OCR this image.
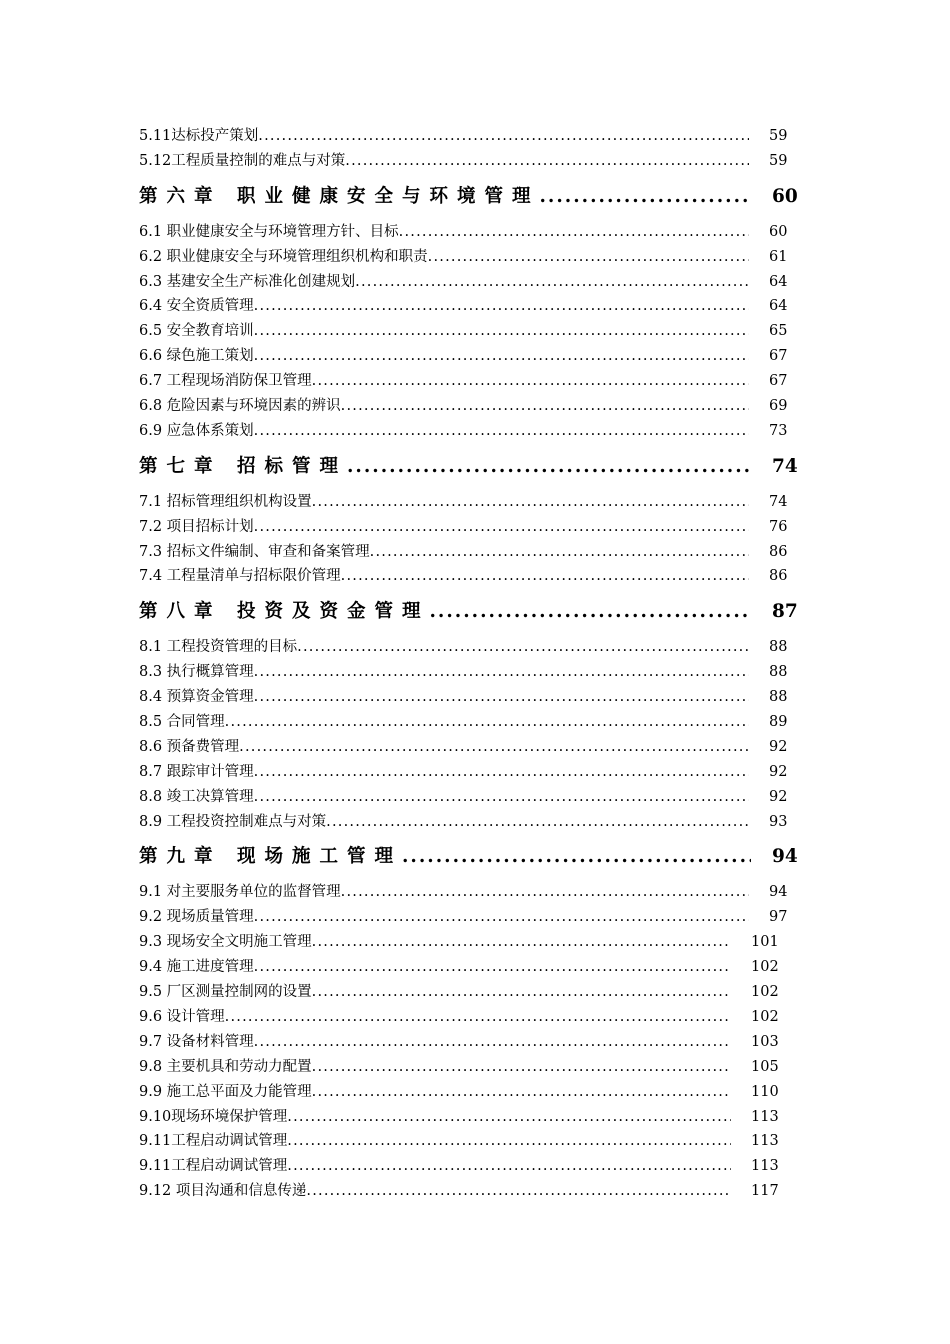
5.11达标投产策划 .....	59
5.12工程质量控制的难点与对策 .....	59
第六章 职业健康安全与环境管理 .....	60
6.1 职业健康安全与环境管理方针、目标 .....	60
6.2 职业健康安全与环境管理组织机构和职责 .....	61
6.3 基建安全生产标准化创建规划 .....	64
6.4 安全资质管理 .....	64
6.5 安全教育培训 .....	65
6.6 绿色施工策划 .....	67
6.7 工程现场消防保卫管理 .....	67
6.8 危险因素与环境因素的辨识 .....	69
6.9 应急体系策划 .....	73
第七章 招标管理 .....	74
7.1 招标管理组织机构设置 .....	74
7.2 项目招标计划 .....	76
7.3 招标文件编制、审查和备案管理 .....	86
7.4 工程量清单与招标限价管理 .....	86
第八章 投资及资金管理 .....	87
8.1 工程投资管理的目标 .....	88
8.3 执行概算管理 .....	88
8.4 预算资金管理 .....	88
8.5 合同管理 .....	89
8.6 预备费管理 .....	92
8.7 跟踪审计管理 .....	92
8.8 竣工决算管理 .....	92
8.9 工程投资控制难点与对策 .....	93
第九章 现场施工管理 .....	94
9.1 对主要服务单位的监督管理 .....	94
9.2 现场质量管理 .....	97
9.3 现场安全文明施工管理 .....	101
9.4 施工进度管理 .....	102
9.5 厂区测量控制网的设置 .....	102
9.6 设计管理 .....	102
9.7 设备材料管理 .....	103
9.8 主要机具和劳动力配置 .....	105
9.9 施工总平面及力能管理 .....	110
9.10现场环境保护管理 .....	113
9.11工程启动调试管理 .....	113
9.11工程启动调试管理 .....	113
9.12 项目沟通和信息传递 .....	117
